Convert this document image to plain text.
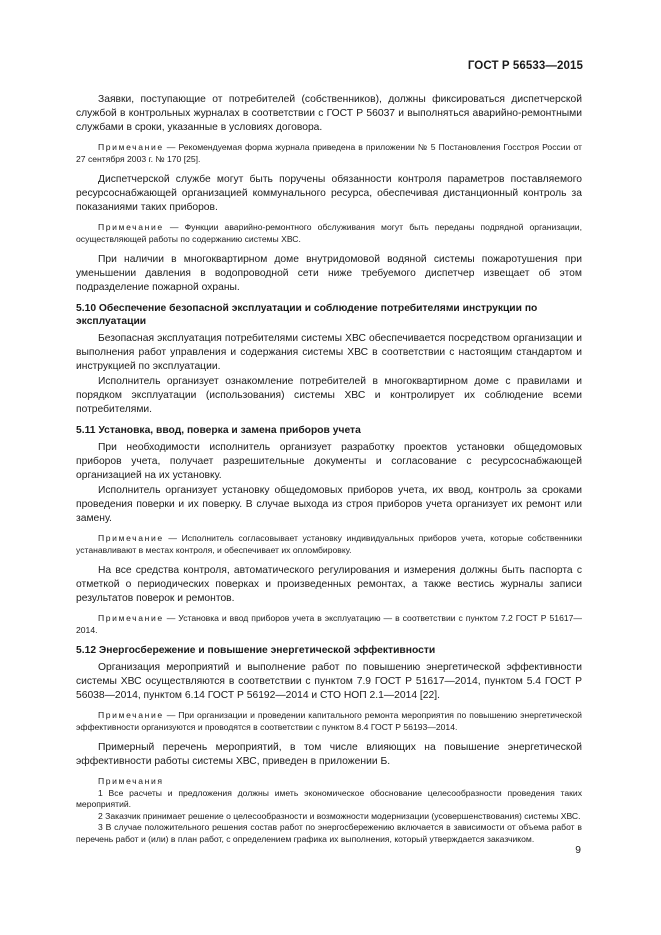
ГОСТ Р 56533—2015

Заявки, поступающие от потребителей (собственников), должны фиксироваться диспетчерской службой в контрольных журналах в соответствии с ГОСТ Р 56037 и выполняться аварийно-ремонтными службами в сроки, указанные в условиях договора.

Примечание — Рекомендуемая форма журнала приведена в приложении № 5 Постановления Госстроя России от 27 сентября 2003 г. № 170 [25].

Диспетчерской службе могут быть поручены обязанности контроля параметров поставляемого ресурсоснабжающей организацией коммунального ресурса, обеспечивая дистанционный контроль за показаниями таких приборов.

Примечание — Функции аварийно-ремонтного обслуживания могут быть переданы подрядной организации, осуществляющей работы по содержанию системы ХВС.

При наличии в многоквартирном доме внутридомовой водяной системы пожаротушения при уменьшении давления в водопроводной сети ниже требуемого диспетчер извещает об этом подразделение пожарной охраны.

5.10 Обеспечение безопасной эксплуатации и соблюдение потребителями инструкции по эксплуатации

Безопасная эксплуатация потребителями системы ХВС обеспечивается посредством организации и выполнения работ управления и содержания системы ХВС в соответствии с настоящим стандартом и инструкцией по эксплуатации.

Исполнитель организует ознакомление потребителей в многоквартирном доме с правилами и порядком эксплуатации (использования) системы ХВС и контролирует их соблюдение всеми потребителями.

5.11 Установка, ввод, поверка и замена приборов учета

При необходимости исполнитель организует разработку проектов установки общедомовых приборов учета, получает разрешительные документы и согласование с ресурсоснабжающей организацией на их установку.

Исполнитель организует установку общедомовых приборов учета, их ввод, контроль за сроками проведения поверки и их поверку. В случае выхода из строя приборов учета организует их ремонт или замену.

Примечание — Исполнитель согласовывает установку индивидуальных приборов учета, которые собственники устанавливают в местах контроля, и обеспечивает их опломбировку.

На все средства контроля, автоматического регулирования и измерения должны быть паспорта с отметкой о периодических поверках и произведенных ремонтах, а также вестись журналы записи результатов поверок и ремонтов.

Примечание — Установка и ввод приборов учета в эксплуатацию — в соответствии с пунктом 7.2 ГОСТ Р 51617—2014.

5.12 Энергосбережение и повышение энергетической эффективности

Организация мероприятий и выполнение работ по повышению энергетической эффективности системы ХВС осуществляются в соответствии с пунктом 7.9 ГОСТ Р 51617—2014, пунктом 5.4 ГОСТ Р 56038—2014, пунктом 6.14 ГОСТ Р 56192—2014 и СТО НОП 2.1—2014 [22].

Примечание — При организации и проведении капитального ремонта мероприятия по повышению энергетической эффективности организуются и проводятся в соответствии с пунктом 8.4 ГОСТ Р 56193—2014.

Примерный перечень мероприятий, в том числе влияющих на повышение энергетической эффективности работы системы ХВС, приведен в приложении Б.

Примечания

1 Все расчеты и предложения должны иметь экономическое обоснование целесообразности проведения таких мероприятий.

2 Заказчик принимает решение о целесообразности и возможности модернизации (усовершенствования) системы ХВС.

3 В случае положительного решения состав работ по энергосбережению включается в зависимости от объема работ в перечень работ и (или) в план работ, с определением графика их выполнения, который утверждается заказчиком.

9
